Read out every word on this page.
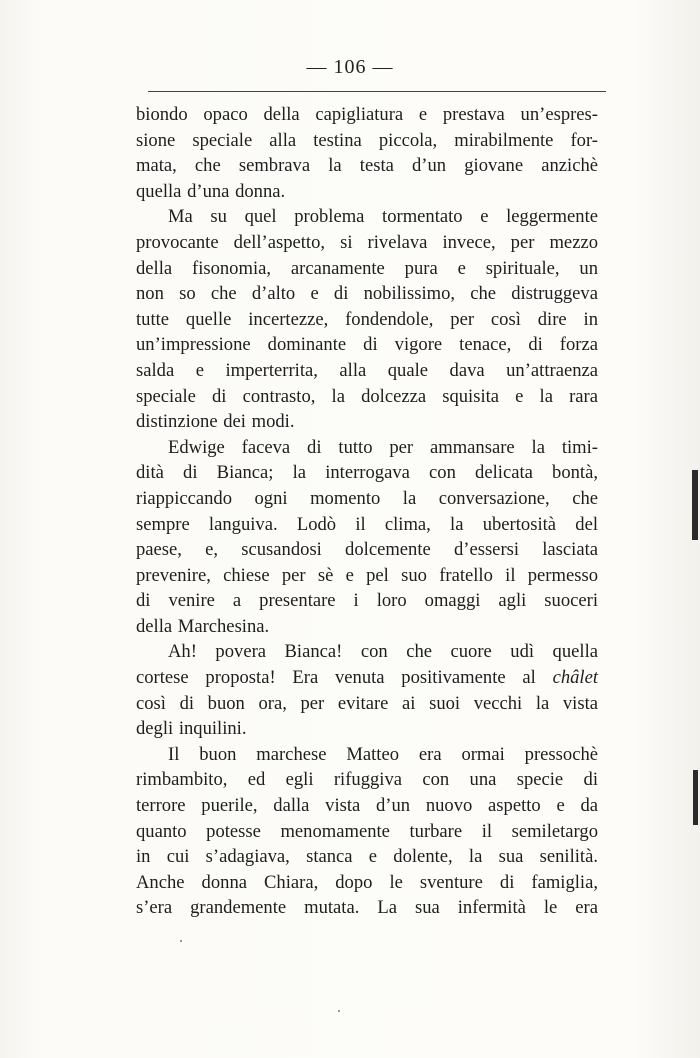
— 106 —

biondo opaco della capigliatura e prestava un’espres-
sione speciale alla testina piccola, mirabilmente for-
mata, che sembrava la testa d’un giovane anzichè
quella d’una donna.

Ma su quel problema tormentato e leggermente
provocante dell’aspetto, si rivelava invece, per mezzo
della fisonomia, arcanamente pura e spirituale, un
non so che d’alto e di nobilissimo, che distruggeva
tutte quelle incertezze, fondendole, per così dire in
un’impressione dominante di vigore tenace, di forza
salda e imperterrita, alla quale dava un’attraenza
speciale di contrasto, la dolcezza squisita e la rara
distinzione dei modi.

Edwige faceva di tutto per ammansare la timi-
dità di Bianca; la interrogava con delicata bontà,
riappiccando ogni momento la conversazione, che
sempre languiva. Lodò il clima, la ubertosità del
paese, e, scusandosi dolcemente d’essersi lasciata
prevenire, chiese per sè e pel suo fratello il permesso
di venire a presentare i loro omaggi agli suoceri
della Marchesina.

Ah! povera Bianca! con che cuore udì quella
cortese proposta! Era venuta positivamente al châlet
così di buon ora, per evitare ai suoi vecchi la vista
degli inquilini.

Il buon marchese Matteo era ormai pressochè
rimbambito, ed egli rifuggiva con una specie di
terrore puerile, dalla vista d’un nuovo aspetto e da
quanto potesse menomamente turbare il semiletargo
in cui s’adagiava, stanca e dolente, la sua senilità.
Anche donna Chiara, dopo le sventure di famiglia,
s’era grandemente mutata. La sua infermità le era
